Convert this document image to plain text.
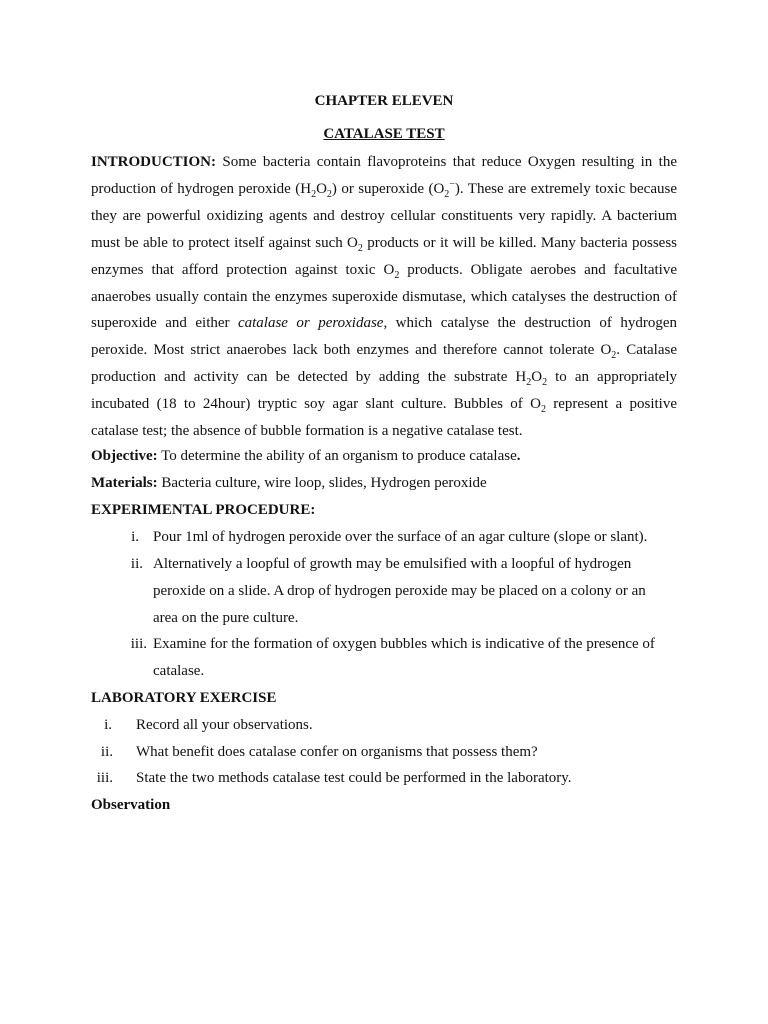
CHAPTER ELEVEN
CATALASE TEST

INTRODUCTION: Some bacteria contain flavoproteins that reduce Oxygen resulting in the production of hydrogen peroxide $(H_2O_2)$ or superoxide $(O_2^-)$. These are extremely toxic because they are powerful oxidizing agents and destroy cellular constituents very rapidly. A bacterium must be able to protect itself against such $O_2$ products or it will be killed. Many bacteria possess enzymes that afford protection against toxic $O_2$ products. Obligate aerobes and facultative anaerobes usually contain the enzymes superoxide dismutase, which catalyses the destruction of superoxide and either catalase or peroxidase, which catalyse the destruction of hydrogen peroxide. Most strict anaerobes lack both enzymes and therefore cannot tolerate $O_2$. Catalase production and activity can be detected by adding the substrate $H_2O_2$ to an appropriately incubated (18 to 24hour) tryptic soy agar slant culture. Bubbles of $O_2$ represent a positive catalase test; the absence of bubble formation is a negative catalase test.

Objective: To determine the ability of an organism to produce catalase.
Materials: Bacteria culture, wire loop, slides, Hydrogen peroxide
EXPERIMENTAL PROCEDURE:
i. Pour 1ml of hydrogen peroxide over the surface of an agar culture (slope or slant).
ii. Alternatively a loopful of growth may be emulsified with a loopful of hydrogen
peroxide on a slide. A drop of hydrogen peroxide may be placed on a colony or an
area on the pure culture.
iii. Examine for the formation of oxygen bubbles which is indicative of the presence of
catalase.
LABORATORY EXERCISE
i. Record all your observations.
ii. What benefit does catalase confer on organisms that possess them?
iii. State the two methods catalase test could be performed in the laboratory.
Observation
